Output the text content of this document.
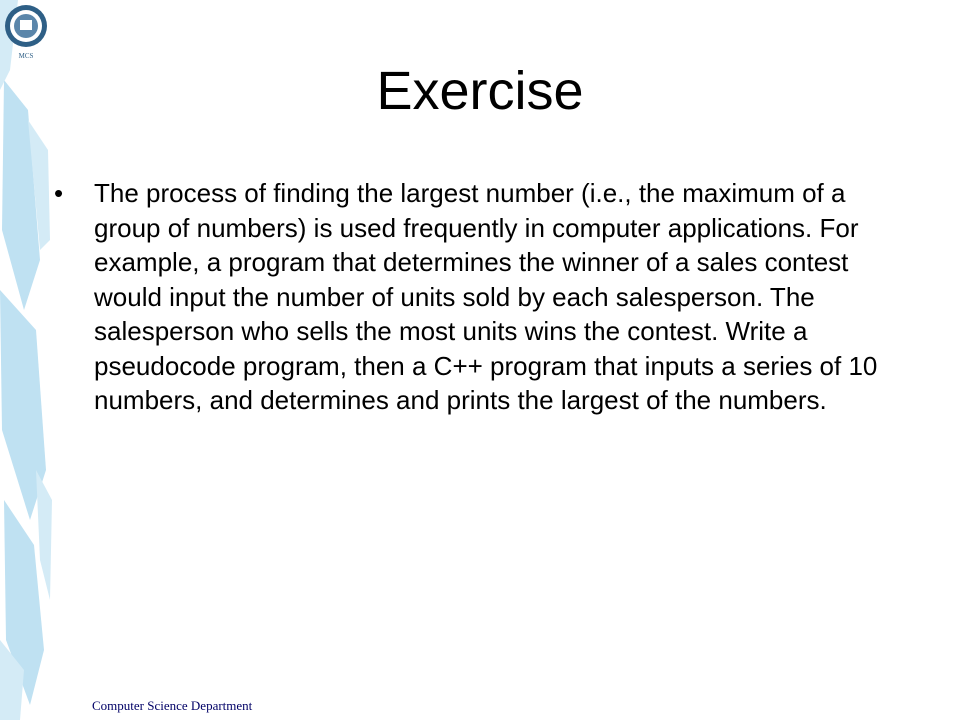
MCS
Exercise
•	The process of finding the largest number (i.e., the maximum of a group of numbers) is used frequently in computer applications. For example, a program that determines the winner of a sales contest would input the number of units sold by each salesperson. The salesperson who sells the most units wins the contest. Write a pseudocode program, then a C++ program that inputs a series of 10 numbers, and determines and prints the largest of the numbers.
Computer Science Department
